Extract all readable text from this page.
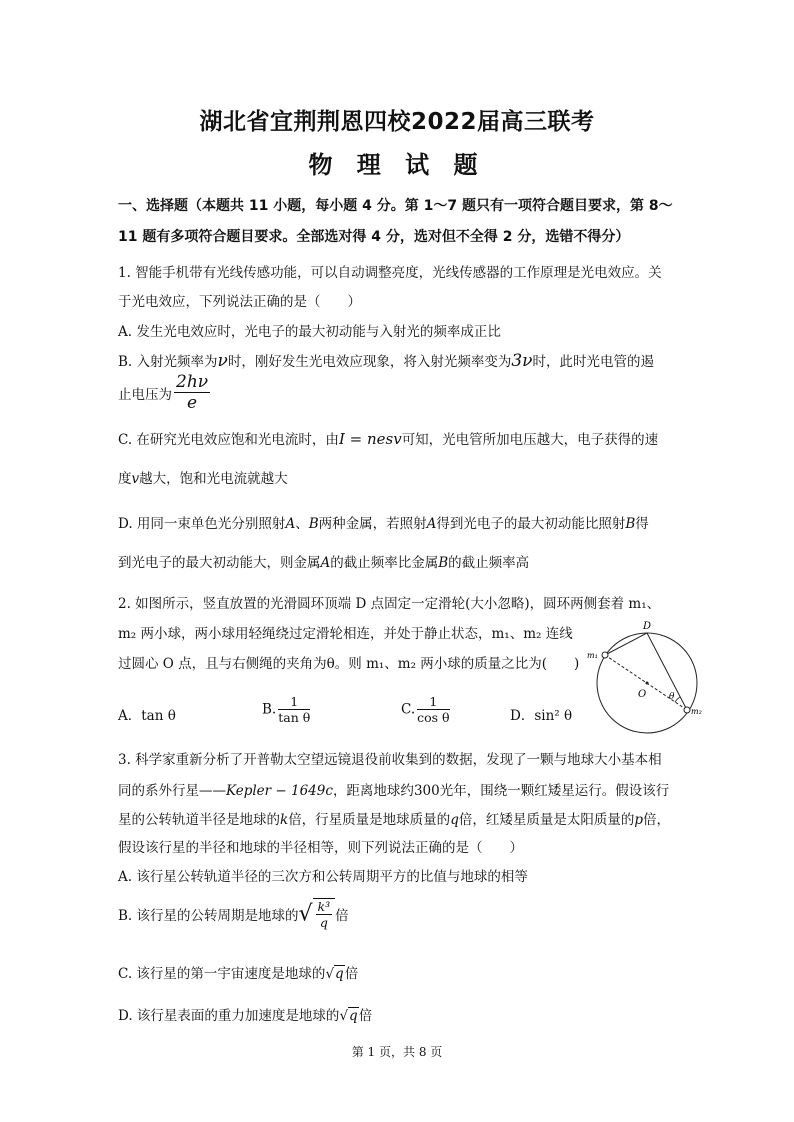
湖北省宜荆荆恩四校2022届高三联考
物 理 试 题
一、选择题（本题共 11 小题，每小题 4 分。第 1～7 题只有一项符合题目要求，第 8～
11 题有多项符合题目要求。全部选对得 4 分，选对但不全得 2 分，选错不得分）
1. 智能手机带有光线传感功能，可以自动调整亮度，光线传感器的工作原理是光电效应。关
于光电效应，下列说法正确的是（　　）
A. 发生光电效应时，光电子的最大初动能与入射光的频率成正比
B. 入射光频率为ν时，刚好发生光电效应现象，将入射光频率变为3ν时，此时光电管的遏
止电压为 $\frac{2h\nu}{e}$
C. 在研究光电效应饱和光电流时，由I = nesv可知，光电管所加电压越大，电子获得的速
度v越大，饱和光电流就越大
D. 用同一束单色光分别照射A、B两种金属，若照射A得到光电子的最大初动能比照射B得
到光电子的最大初动能大，则金属A的截止频率比金属B的截止频率高
2. 如图所示，竖直放置的光滑圆环顶端 D 点固定一定滑轮(大小忽略)，圆环两侧套着 m₁、
m₂ 两小球，两小球用轻绳绕过定滑轮相连，并处于静止状态，m₁、m₂ 连线
过圆心 O 点，且与右侧绳的夹角为θ。则 m₁、m₂ 两小球的质量之比为(　　)
A．tan θ	B. $\frac{1}{\text{tan θ}}$	C. $\frac{1}{\text{cos θ}}$	D．sin² θ
D
O	θ
m₁
m₂
3. 科学家重新分析了开普勒太空望远镜退役前收集到的数据，发现了一颗与地球大小基本相
同的系外行星——Kepler − 1649c，距离地球约300光年，围绕一颗红矮星运行。假设该行
星的公转轨道半径是地球的k倍，行星质量是地球质量的q倍，红矮星质量是太阳质量的p倍，
假设该行星的半径和地球的半径相等，则下列说法正确的是（　　）
A. 该行星公转轨道半径的三次方和公转周期平方的比值与地球的相等
B. 该行星的公转周期是地球的√ $\frac{\text{k³}}{q}$ 倍
C. 该行星的第一宇宙速度是地球的√q倍
D. 该行星表面的重力加速度是地球的√q倍
第 1 页，共 8 页
